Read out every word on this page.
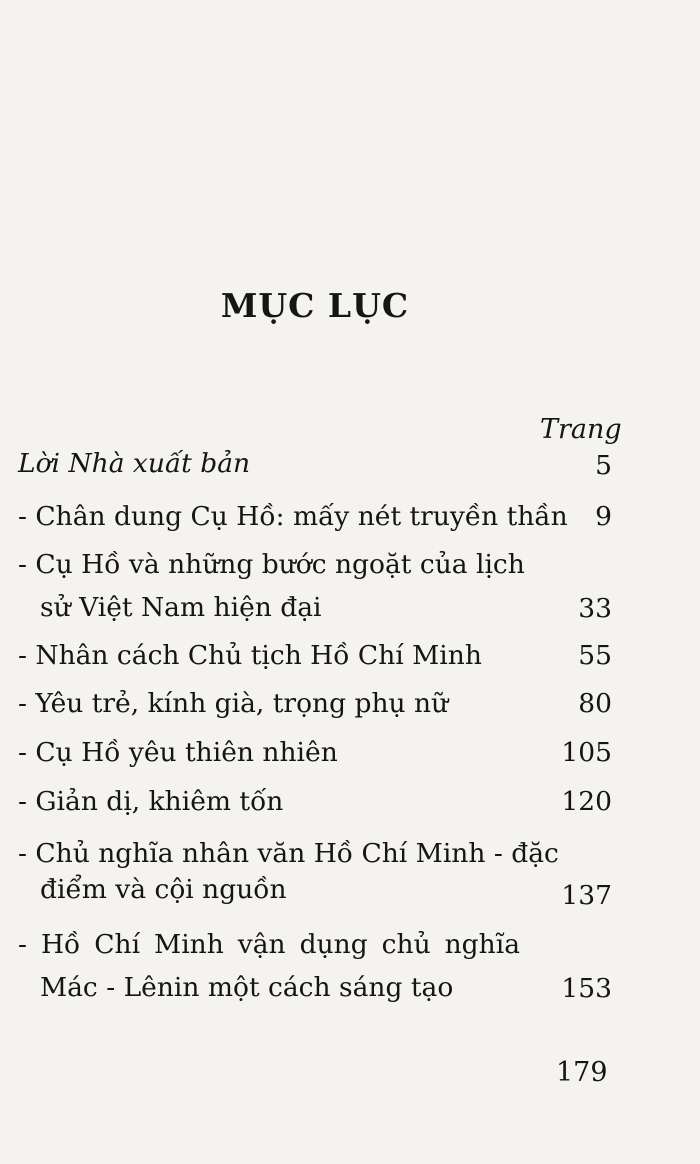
MỤC LỤC
Trang
Lời Nhà xuất bản	5
- Chân dung Cụ Hồ: mấy nét truyền thần	9
- Cụ Hồ và những bước ngoặt của lịch
sử Việt Nam hiện đại	33
- Nhân cách Chủ tịch Hồ Chí Minh	55
- Yêu trẻ, kính già, trọng phụ nữ	80
- Cụ Hồ yêu thiên nhiên	105
- Giản dị, khiêm tốn	120
- Chủ nghĩa nhân văn Hồ Chí Minh - đặc
điểm và cội nguồn	137
- Hồ Chí Minh vận dụng chủ nghĩa
Mác - Lênin một cách sáng tạo	153
179
